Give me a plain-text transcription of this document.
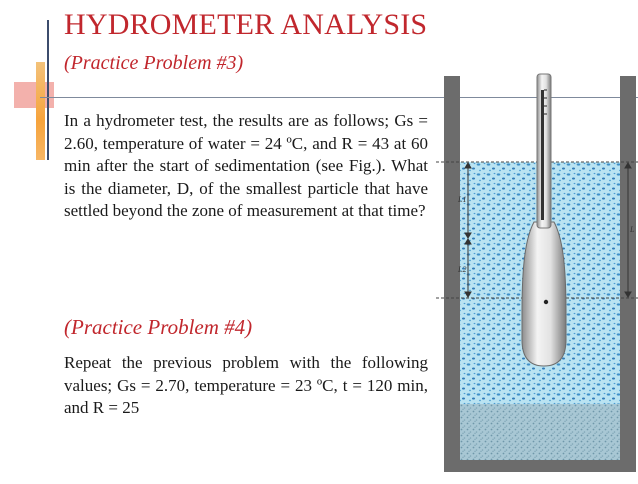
HYDROMETER ANALYSIS
(Practice Problem #3)
In a hydrometer test, the results are as follows; Gs = 2.60, temperature of water = 24 ºC, and R = 43 at 60 min after the start of sedimentation (see Fig.). What is the diameter, D, of the smallest particle that have settled beyond the zone of measurement at that time?
(Practice Problem #4)
Repeat the previous problem with the following values; Gs = 2.70, temperature = 23 ºC, t = 120 min, and R = 25
L1
L2
L
